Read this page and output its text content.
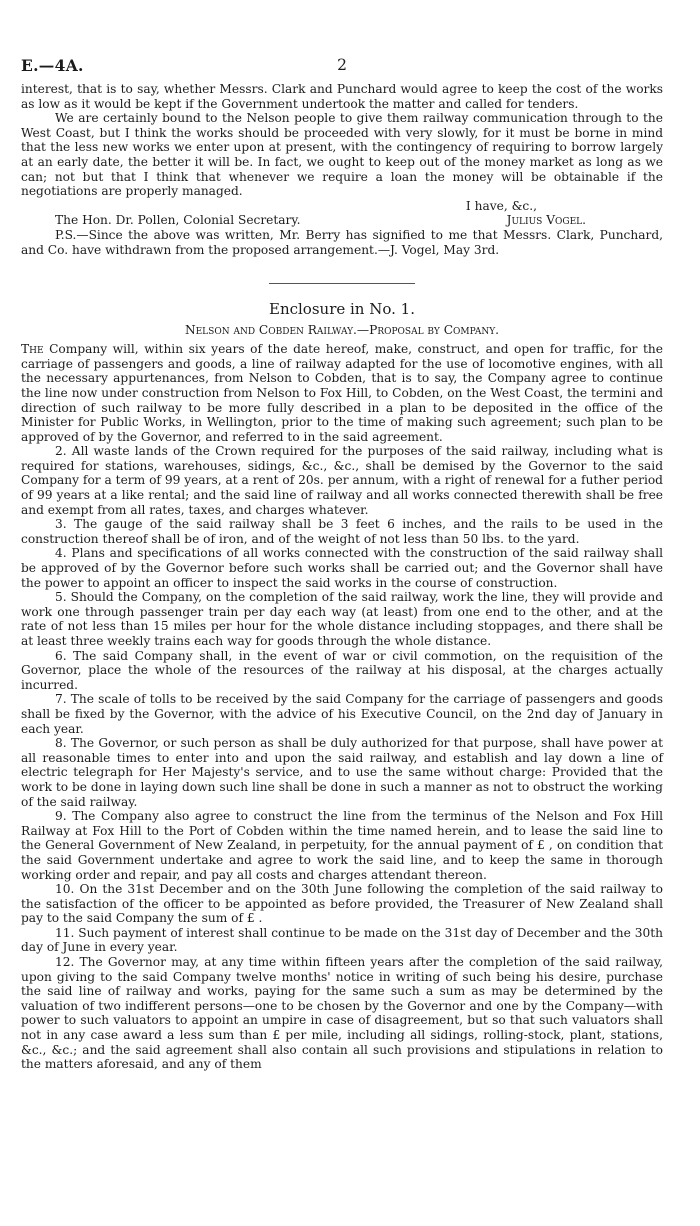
E.—4A.	2

interest, that is to say, whether Messrs. Clark and Punchard would agree to keep the cost of the works as low as it would be kept if the Government undertook the matter and called for tenders.

We are certainly bound to the Nelson people to give them railway communication through to the West Coast, but I think the works should be proceeded with very slowly, for it must be borne in mind that the less new works we enter upon at present, with the contingency of requiring to borrow largely at an early date, the better it will be. In fact, we ought to keep out of the money market as long as we can; not but that I think that whenever we require a loan the money will be obtainable if the negotiations are properly managed.

I have, &c.,

The Hon. Dr. Pollen, Colonial Secretary.	Julius Vogel.

P.S.—Since the above was written, Mr. Berry has signified to me that Messrs. Clark, Punchard, and Co. have withdrawn from the proposed arrangement.—J. Vogel, May 3rd.

Enclosure in No. 1.
Nelson and Cobden Railway.—Proposal by Company.

The Company will, within six years of the date hereof, make, construct, and open for traffic, for the carriage of passengers and goods, a line of railway adapted for the use of locomotive engines, with all the necessary appurtenances, from Nelson to Cobden, that is to say, the Company agree to continue the line now under construction from Nelson to Fox Hill, to Cobden, on the West Coast, the termini and direction of such railway to be more fully described in a plan to be deposited in the office of the Minister for Public Works, in Wellington, prior to the time of making such agreement; such plan to be approved of by the Governor, and referred to in the said agreement.

2. All waste lands of the Crown required for the purposes of the said railway, including what is required for stations, warehouses, sidings, &c., &c., shall be demised by the Governor to the said Company for a term of 99 years, at a rent of 20s. per annum, with a right of renewal for a futher period of 99 years at a like rental; and the said line of railway and all works connected therewith shall be free and exempt from all rates, taxes, and charges whatever.

3. The gauge of the said railway shall be 3 feet 6 inches, and the rails to be used in the construction thereof shall be of iron, and of the weight of not less than 50 lbs. to the yard.

4. Plans and specifications of all works connected with the construction of the said railway shall be approved of by the Governor before such works shall be carried out; and the Governor shall have the power to appoint an officer to inspect the said works in the course of construction.

5. Should the Company, on the completion of the said railway, work the line, they will provide and work one through passenger train per day each way (at least) from one end to the other, and at the rate of not less than 15 miles per hour for the whole distance including stoppages, and there shall be at least three weekly trains each way for goods through the whole distance.

6. The said Company shall, in the event of war or civil commotion, on the requisition of the Governor, place the whole of the resources of the railway at his disposal, at the charges actually incurred.

7. The scale of tolls to be received by the said Company for the carriage of passengers and goods shall be fixed by the Governor, with the advice of his Executive Council, on the 2nd day of January in each year.

8. The Governor, or such person as shall be duly authorized for that purpose, shall have power at all reasonable times to enter into and upon the said railway, and establish and lay down a line of electric telegraph for Her Majesty's service, and to use the same without charge: Provided that the work to be done in laying down such line shall be done in such a manner as not to obstruct the working of the said railway.

9. The Company also agree to construct the line from the terminus of the Nelson and Fox Hill Railway at Fox Hill to the Port of Cobden within the time named herein, and to lease the said line to the General Government of New Zealand, in perpetuity, for the annual payment of £ , on condition that the said Government undertake and agree to work the said line, and to keep the same in thorough working order and repair, and pay all costs and charges attendant thereon.

10. On the 31st December and on the 30th June following the completion of the said railway to the satisfaction of the officer to be appointed as before provided, the Treasurer of New Zealand shall pay to the said Company the sum of £ .

11. Such payment of interest shall continue to be made on the 31st day of December and the 30th day of June in every year.

12. The Governor may, at any time within fifteen years after the completion of the said railway, upon giving to the said Company twelve months' notice in writing of such being his desire, purchase the said line of railway and works, paying for the same such a sum as may be determined by the valuation of two indifferent persons—one to be chosen by the Governor and one by the Company—with power to such valuators to appoint an umpire in case of disagreement, but so that such valuators shall not in any case award a less sum than £ per mile, including all sidings, rolling-stock, plant, stations, &c., &c.; and the said agreement shall also contain all such provisions and stipulations in relation to the matters aforesaid, and any of them
